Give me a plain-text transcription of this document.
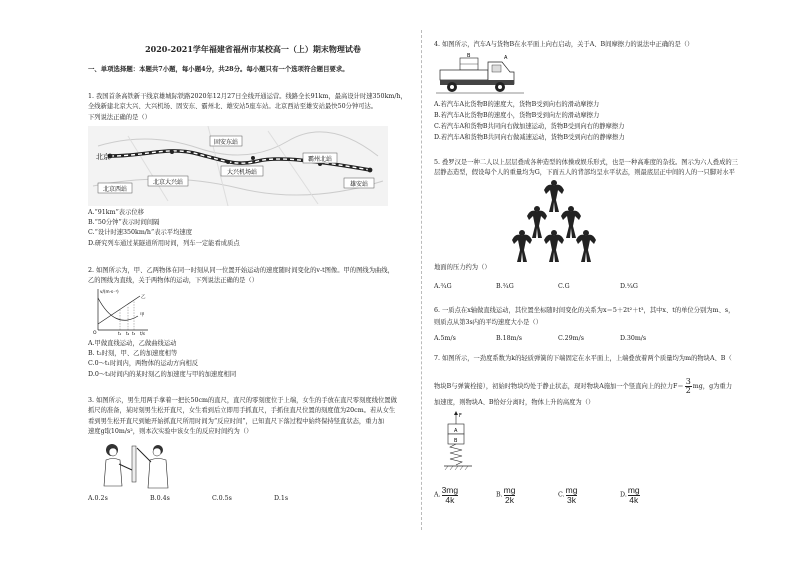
2020-2021学年福建省福州市某校高一（上）期末物理试卷
一、单项选择题：本题共7小题，每小题4分，共28分。每小题只有一个选项符合题目要求。
1. 我国首条高铁新干线京雄城际铁路2020年12月27日全线开通运营。线路全长91km，最高设计时速350km/h，
全线新建北京大兴、大兴机场、固安东、霸州北、雄安站5座车站。北京西站至雄安站最快50分钟可达。
下列说法正确的是（）
固安东站
北京
大兴机场站
霸州北站
北京西站
北京大兴站	雄安站
A.“91km”表示位移
B.“50分钟”表示时间间隔
C.“设计时速350km/h”表示平均速度
D.研究列车通过某隧道所用时间，列车一定能看成质点
2. 如图所示为，甲、乙两物体在同一时刻从同一位置开始运动的速度随时间变化的v-t图像。甲的图线为曲线，
乙的图线为直线，关于两物体的运动，下列说法正确的是（）
v/(m·s⁻¹)
乙
甲
O	t₁ t₂ t₃ t/s
A.甲做直线运动，乙做曲线运动
B. t₂时刻，甲、乙的加速度相等
C.0～t₁时间内，两物体的运动方向相反
D.0～t₃时间内的某时刻乙的加速度与甲的加速度相同
3. 如图所示，男生用两手拿着一把长50cm的直尺，直尺的零刻度位于上端，女生的手放在直尺零刻度线位置做
抓尺的准备，某时刻男生松开直尺，女生看到后立即用手抓直尺，手抓住直尺位置的刻度值为20cm。若从女生
看到男生松开直尺到她开始抓直尺所用时间为“反应时间”，已知直尺下落过程中始终保持竖直状态，重力加
速度g取10m/s²，则本次实验中该女生的反应时间约为（）
A.0.2s	B.0.4s	C.0.5s	D.1s
4. 如图所示，汽车A与货物B在水平面上向右启动，关于A、B间摩擦力的说法中正确的是（）
B	A
A.若汽车A比货物B的速度大，货物B受到向右的滑动摩擦力
B.若汽车A比货物B的速度小，货物B受到向左的滑动摩擦力
C.若汽车A和货物B共同向右做加速运动，货物B受到向右的静摩擦力
D.若汽车A和货物B共同向右做减速运动，货物B受到向右的静摩擦力
5. 叠罗汉是一种二人以上层层叠成各种造型的体操或娱乐形式，也是一种高难度的杂技。图示为六人叠成的三
层静态造型，假设每个人的重量均为G，下面五人的背部均呈水平状态，则最底层正中间的人的一只脚对水平
地面的压力约为（）
A.¾G	B.¾G	C.G	D.⁵⁄₄G
6. 一质点在x轴做直线运动，其位置坐标随时间变化的关系为x＝5＋2t²＋t³，其中x、t的单位分别为m、s，
则质点从第3s内的平均速度大小是（）
A.5m/s	B.18m/s	C.29m/s	D.30m/s
7. 如图所示，一劲度系数为k的轻质弹簧的下端固定在水平面上，上端叠放着两个质量均为m的物块A、B（
物块B与弹簧栓接），初始时物块均处于静止状态，现对物块A施加一个竖直向上的拉力$F= \frac{3}{2}$ mg，g为重力
加速度，则物块A、B恰好分离时，物体上升的高度为（）
F
A
B
A. $\frac{3mg}{4k}$	B. $\frac{mg}{2k}$	C. $\frac{mg}{3k}$	D. $\frac{mg}{4k}$
